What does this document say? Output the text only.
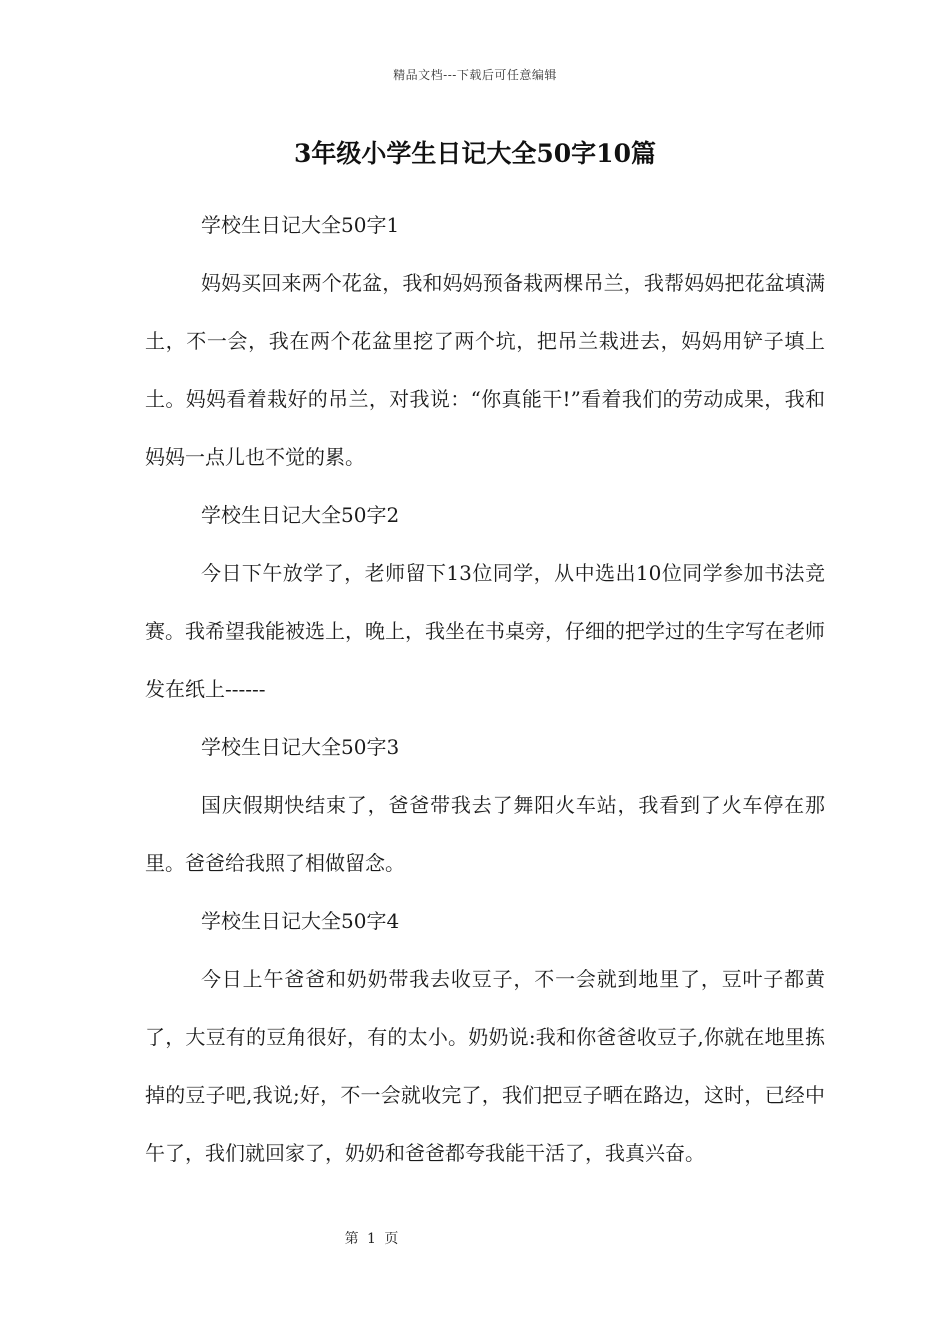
精品文档---下载后可任意编辑
3年级小学生日记大全50字10篇

学校生日记大全50字1

妈妈买回来两个花盆，我和妈妈预备栽两棵吊兰，我帮妈妈把花盆填满土，不一会，我在两个花盆里挖了两个坑，把吊兰栽进去，妈妈用铲子填上土。妈妈看着栽好的吊兰，对我说：“你真能干!”看着我们的劳动成果，我和妈妈一点儿也不觉的累。

学校生日记大全50字2

今日下午放学了，老师留下13位同学，从中选出10位同学参加书法竞赛。我希望我能被选上，晚上，我坐在书桌旁，仔细的把学过的生字写在老师发在纸上------

学校生日记大全50字3

国庆假期快结束了，爸爸带我去了舞阳火车站，我看到了火车停在那里。爸爸给我照了相做留念。

学校生日记大全50字4

今日上午爸爸和奶奶带我去收豆子，不一会就到地里了，豆叶子都黄了，大豆有的豆角很好，有的太小。奶奶说:我和你爸爸收豆子,你就在地里拣掉的豆子吧,我说;好，不一会就收完了，我们把豆子晒在路边，这时，已经中午了，我们就回家了，奶奶和爸爸都夸我能干活了，我真兴奋。

第 1 页
